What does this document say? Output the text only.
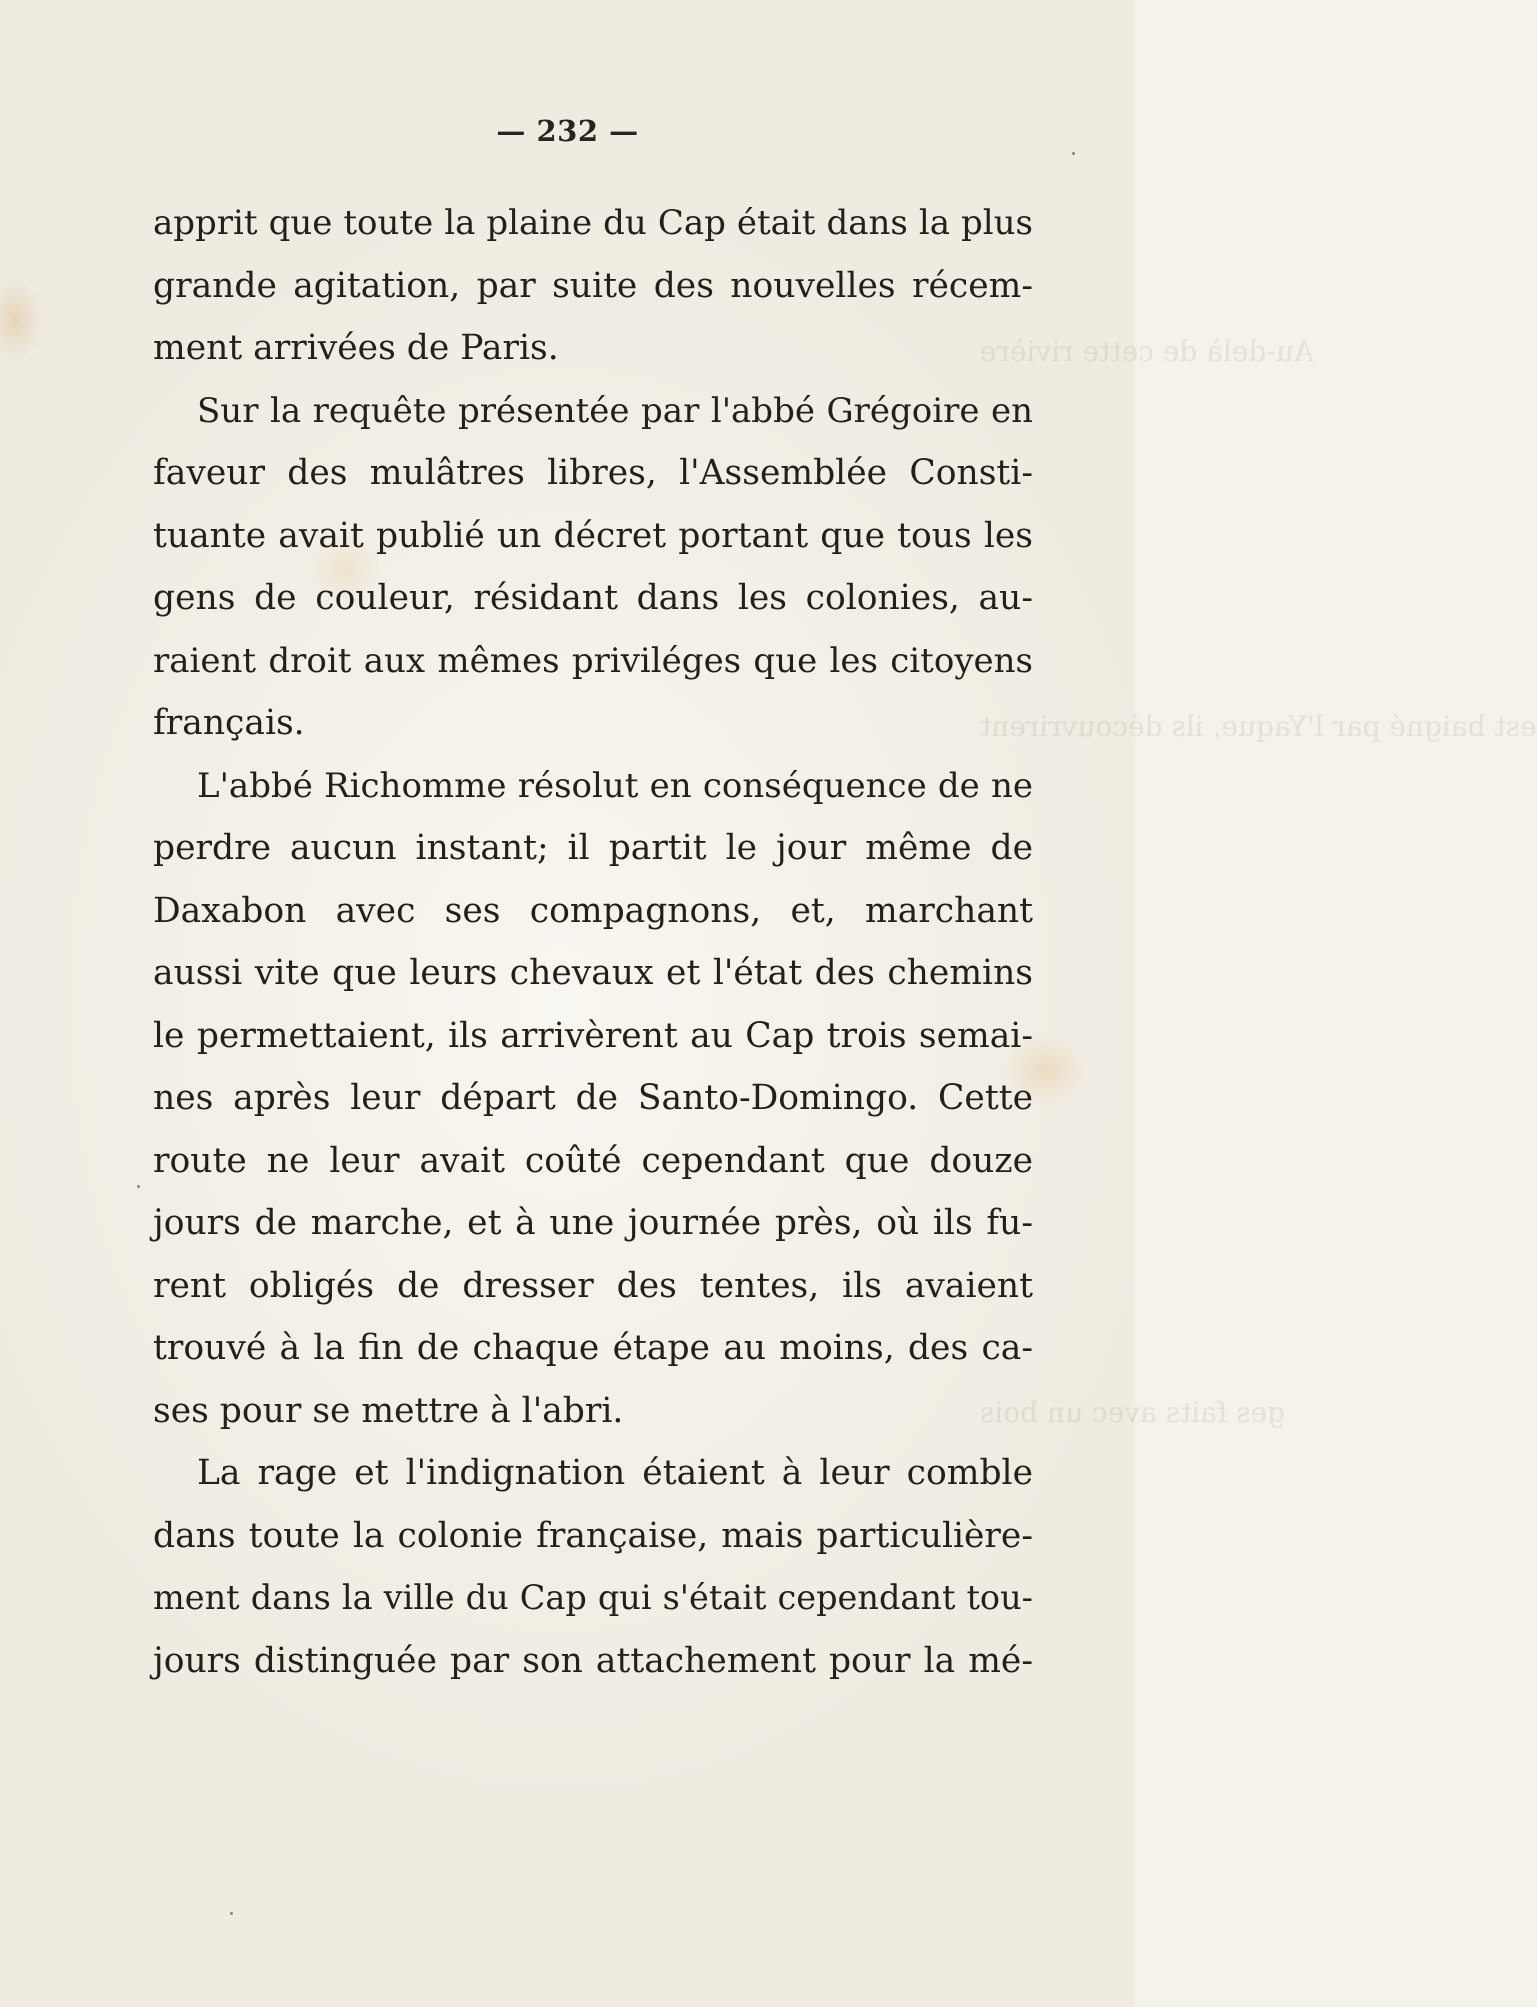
Au-delà de cette rivière
est baigné par l'Yaque, ils découvrirent
ges faits avec un bois
— 232 —
apprit que toute la plaine du Cap était dans la plus
grande agitation, par suite des nouvelles récem-
ment arrivées de Paris.
Sur la requête présentée par l'abbé Grégoire en
faveur des mulâtres libres, l'Assemblée Consti-
tuante avait publié un décret portant que tous les
gens de couleur, résidant dans les colonies, au-
raient droit aux mêmes priviléges que les citoyens
français.
L'abbé Richomme résolut en conséquence de ne
perdre aucun instant; il partit le jour même de
Daxabon avec ses compagnons, et, marchant
aussi vite que leurs chevaux et l'état des chemins
le permettaient, ils arrivèrent au Cap trois semai-
nes après leur départ de Santo-Domingo. Cette
route ne leur avait coûté cependant que douze
jours de marche, et à une journée près, où ils fu-
rent obligés de dresser des tentes, ils avaient
trouvé à la fin de chaque étape au moins, des ca-
ses pour se mettre à l'abri.
La rage et l'indignation étaient à leur comble
dans toute la colonie française, mais particulière-
ment dans la ville du Cap qui s'était cependant tou-
jours distinguée par son attachement pour la mé-
